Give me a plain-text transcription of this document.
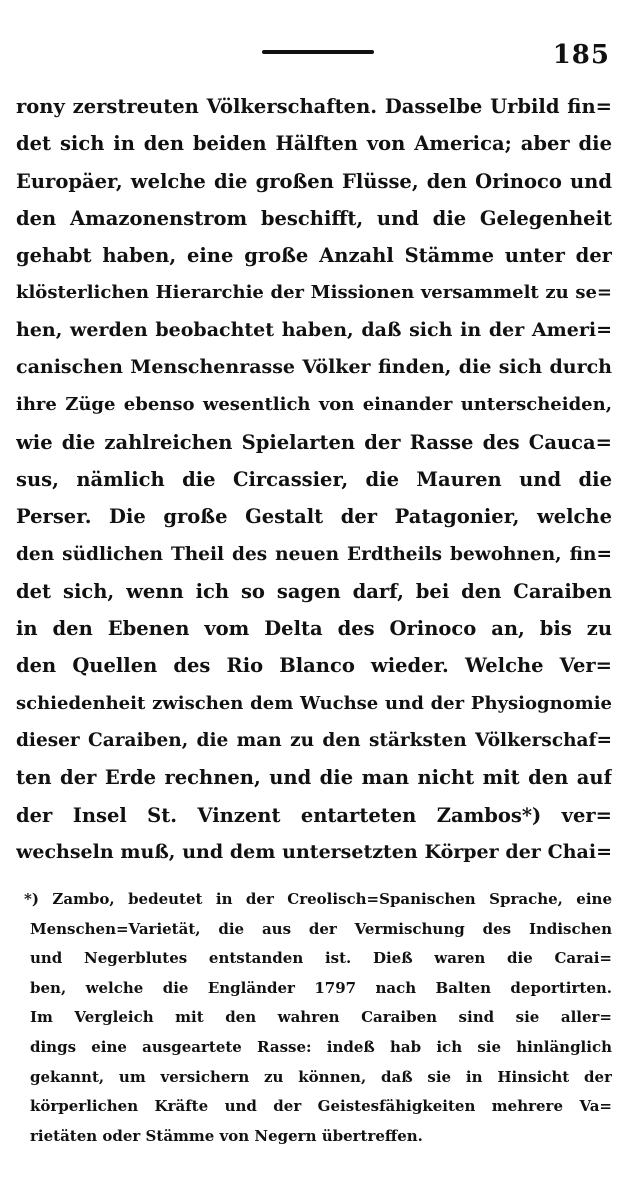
185
rony zerstreuten Völkerschaften. Dasselbe Urbild fin=
det sich in den beiden Hälften von America; aber die
Europäer, welche die großen Flüsse, den Orinoco und
den Amazonenstrom beschifft, und die Gelegenheit
gehabt haben, eine große Anzahl Stämme unter der
klösterlichen Hierarchie der Missionen versammelt zu se=
hen, werden beobachtet haben, daß sich in der Ameri=
canischen Menschenrasse Völker finden, die sich durch
ihre Züge ebenso wesentlich von einander unterscheiden,
wie die zahlreichen Spielarten der Rasse des Cauca=
sus, nämlich die Circassier, die Mauren und die
Perser. Die große Gestalt der Patagonier, welche
den südlichen Theil des neuen Erdtheils bewohnen, fin=
det sich, wenn ich so sagen darf, bei den Caraiben
in den Ebenen vom Delta des Orinoco an, bis zu
den Quellen des Rio Blanco wieder. Welche Ver=
schiedenheit zwischen dem Wuchse und der Physiognomie
dieser Caraiben, die man zu den stärksten Völkerschaf=
ten der Erde rechnen, und die man nicht mit den auf
der Insel St. Vinzent entarteten Zambos*) ver=
wechseln muß, und dem untersetzten Körper der Chai=
*) Zambo, bedeutet in der Creolisch=Spanischen Sprache, eine
Menschen=Varietät, die aus der Vermischung des Indischen
und Negerblutes entstanden ist. Dieß waren die Carai=
ben, welche die Engländer 1797 nach Balten deportirten.
Im Vergleich mit den wahren Caraiben sind sie aller=
dings eine ausgeartete Rasse: indeß hab ich sie hinlänglich
gekannt, um versichern zu können, daß sie in Hinsicht der
körperlichen Kräfte und der Geistesfähigkeiten mehrere Va=
rietäten oder Stämme von Negern übertreffen.
